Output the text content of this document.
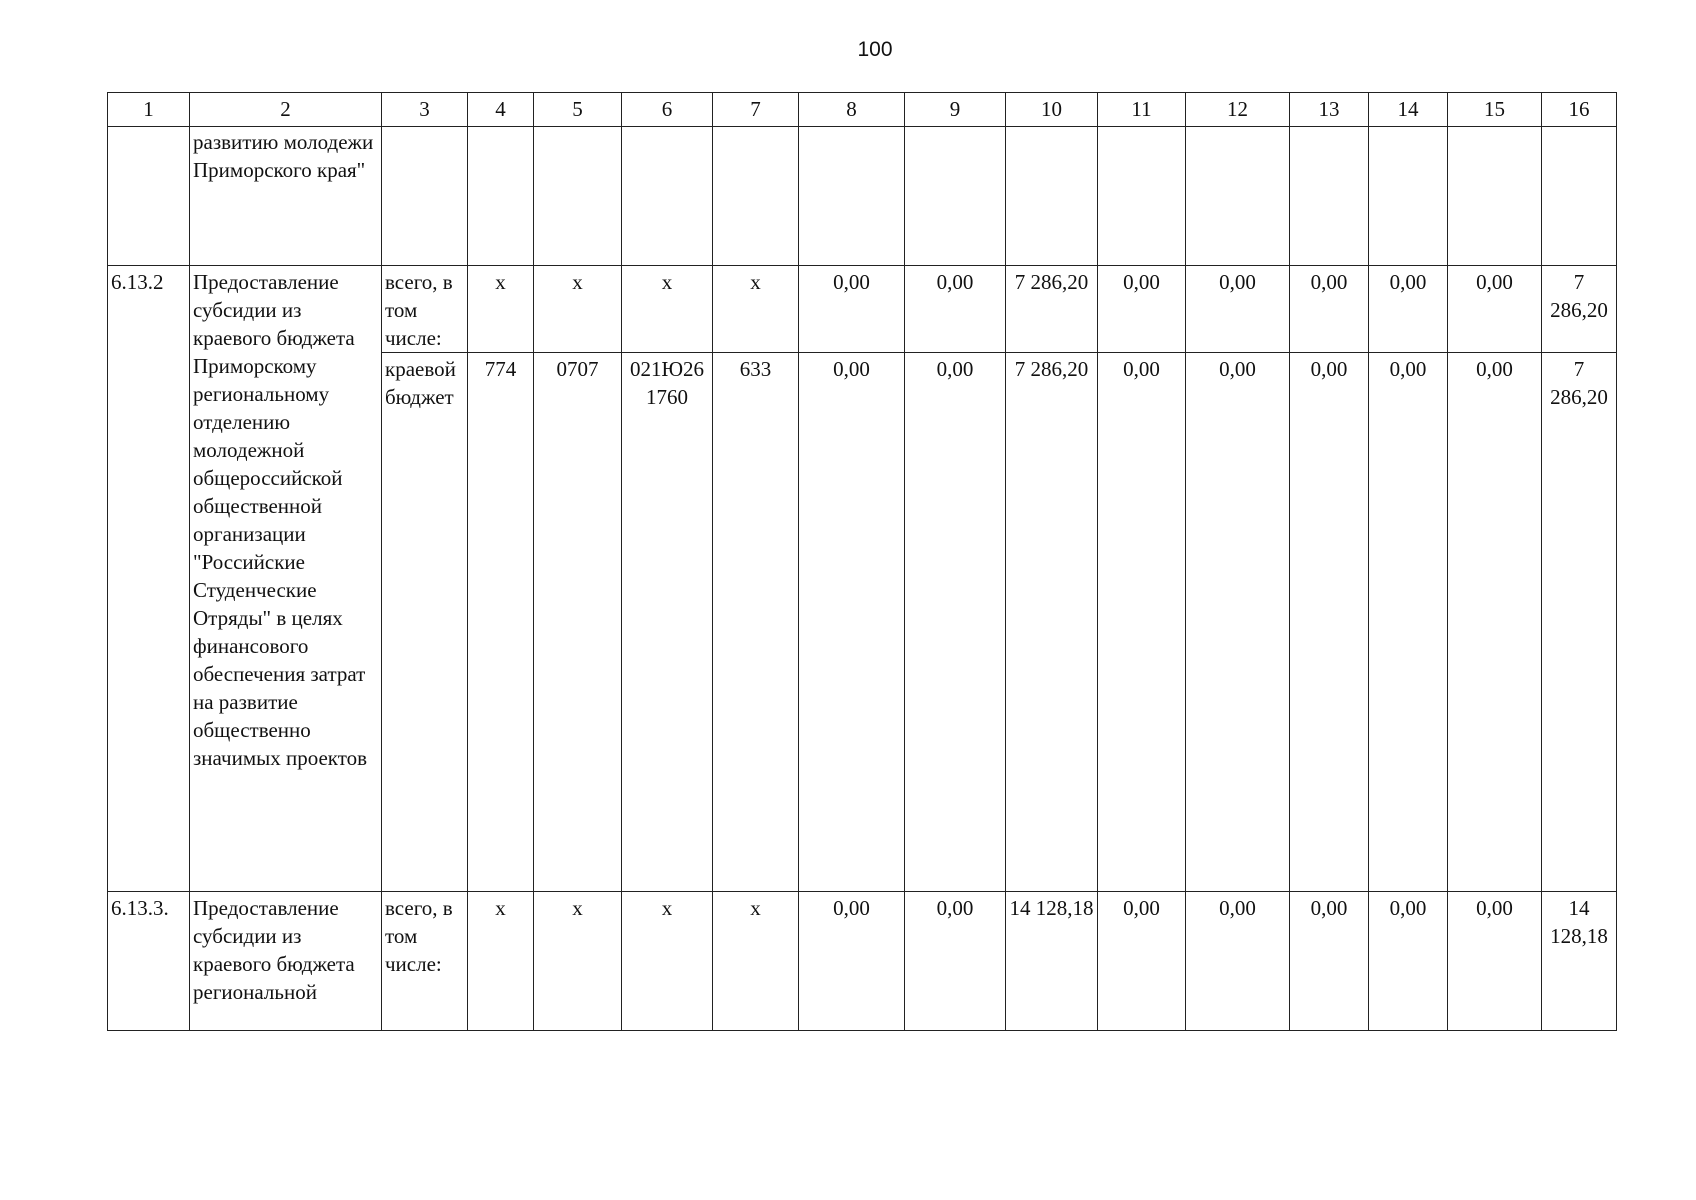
100
1	2	3	4	5	6	7	8	9	10	11	12	13	14	15	16
	развитию молодежи Приморского края"														
6.13.2	Предоставление субсидии из краевого бюджета Приморскому региональному отделению молодежной общероссийской общественной организации "Российские Студенческие Отряды" в целях финансового обеспечения затрат на развитие общественно значимых проектов	всего, в том числе:	х	х	х	х	0,00	0,00	7 286,20	0,00	0,00	0,00	0,00	0,00	7 286,20
		краевой бюджет	774	0707	021Ю261760	633	0,00	0,00	7 286,20	0,00	0,00	0,00	0,00	0,00	7 286,20
6.13.3.	Предоставление субсидии из краевого бюджета региональной	всего, в том числе:	х	х	х	х	0,00	0,00	14 128,18	0,00	0,00	0,00	0,00	0,00	14 128,18
